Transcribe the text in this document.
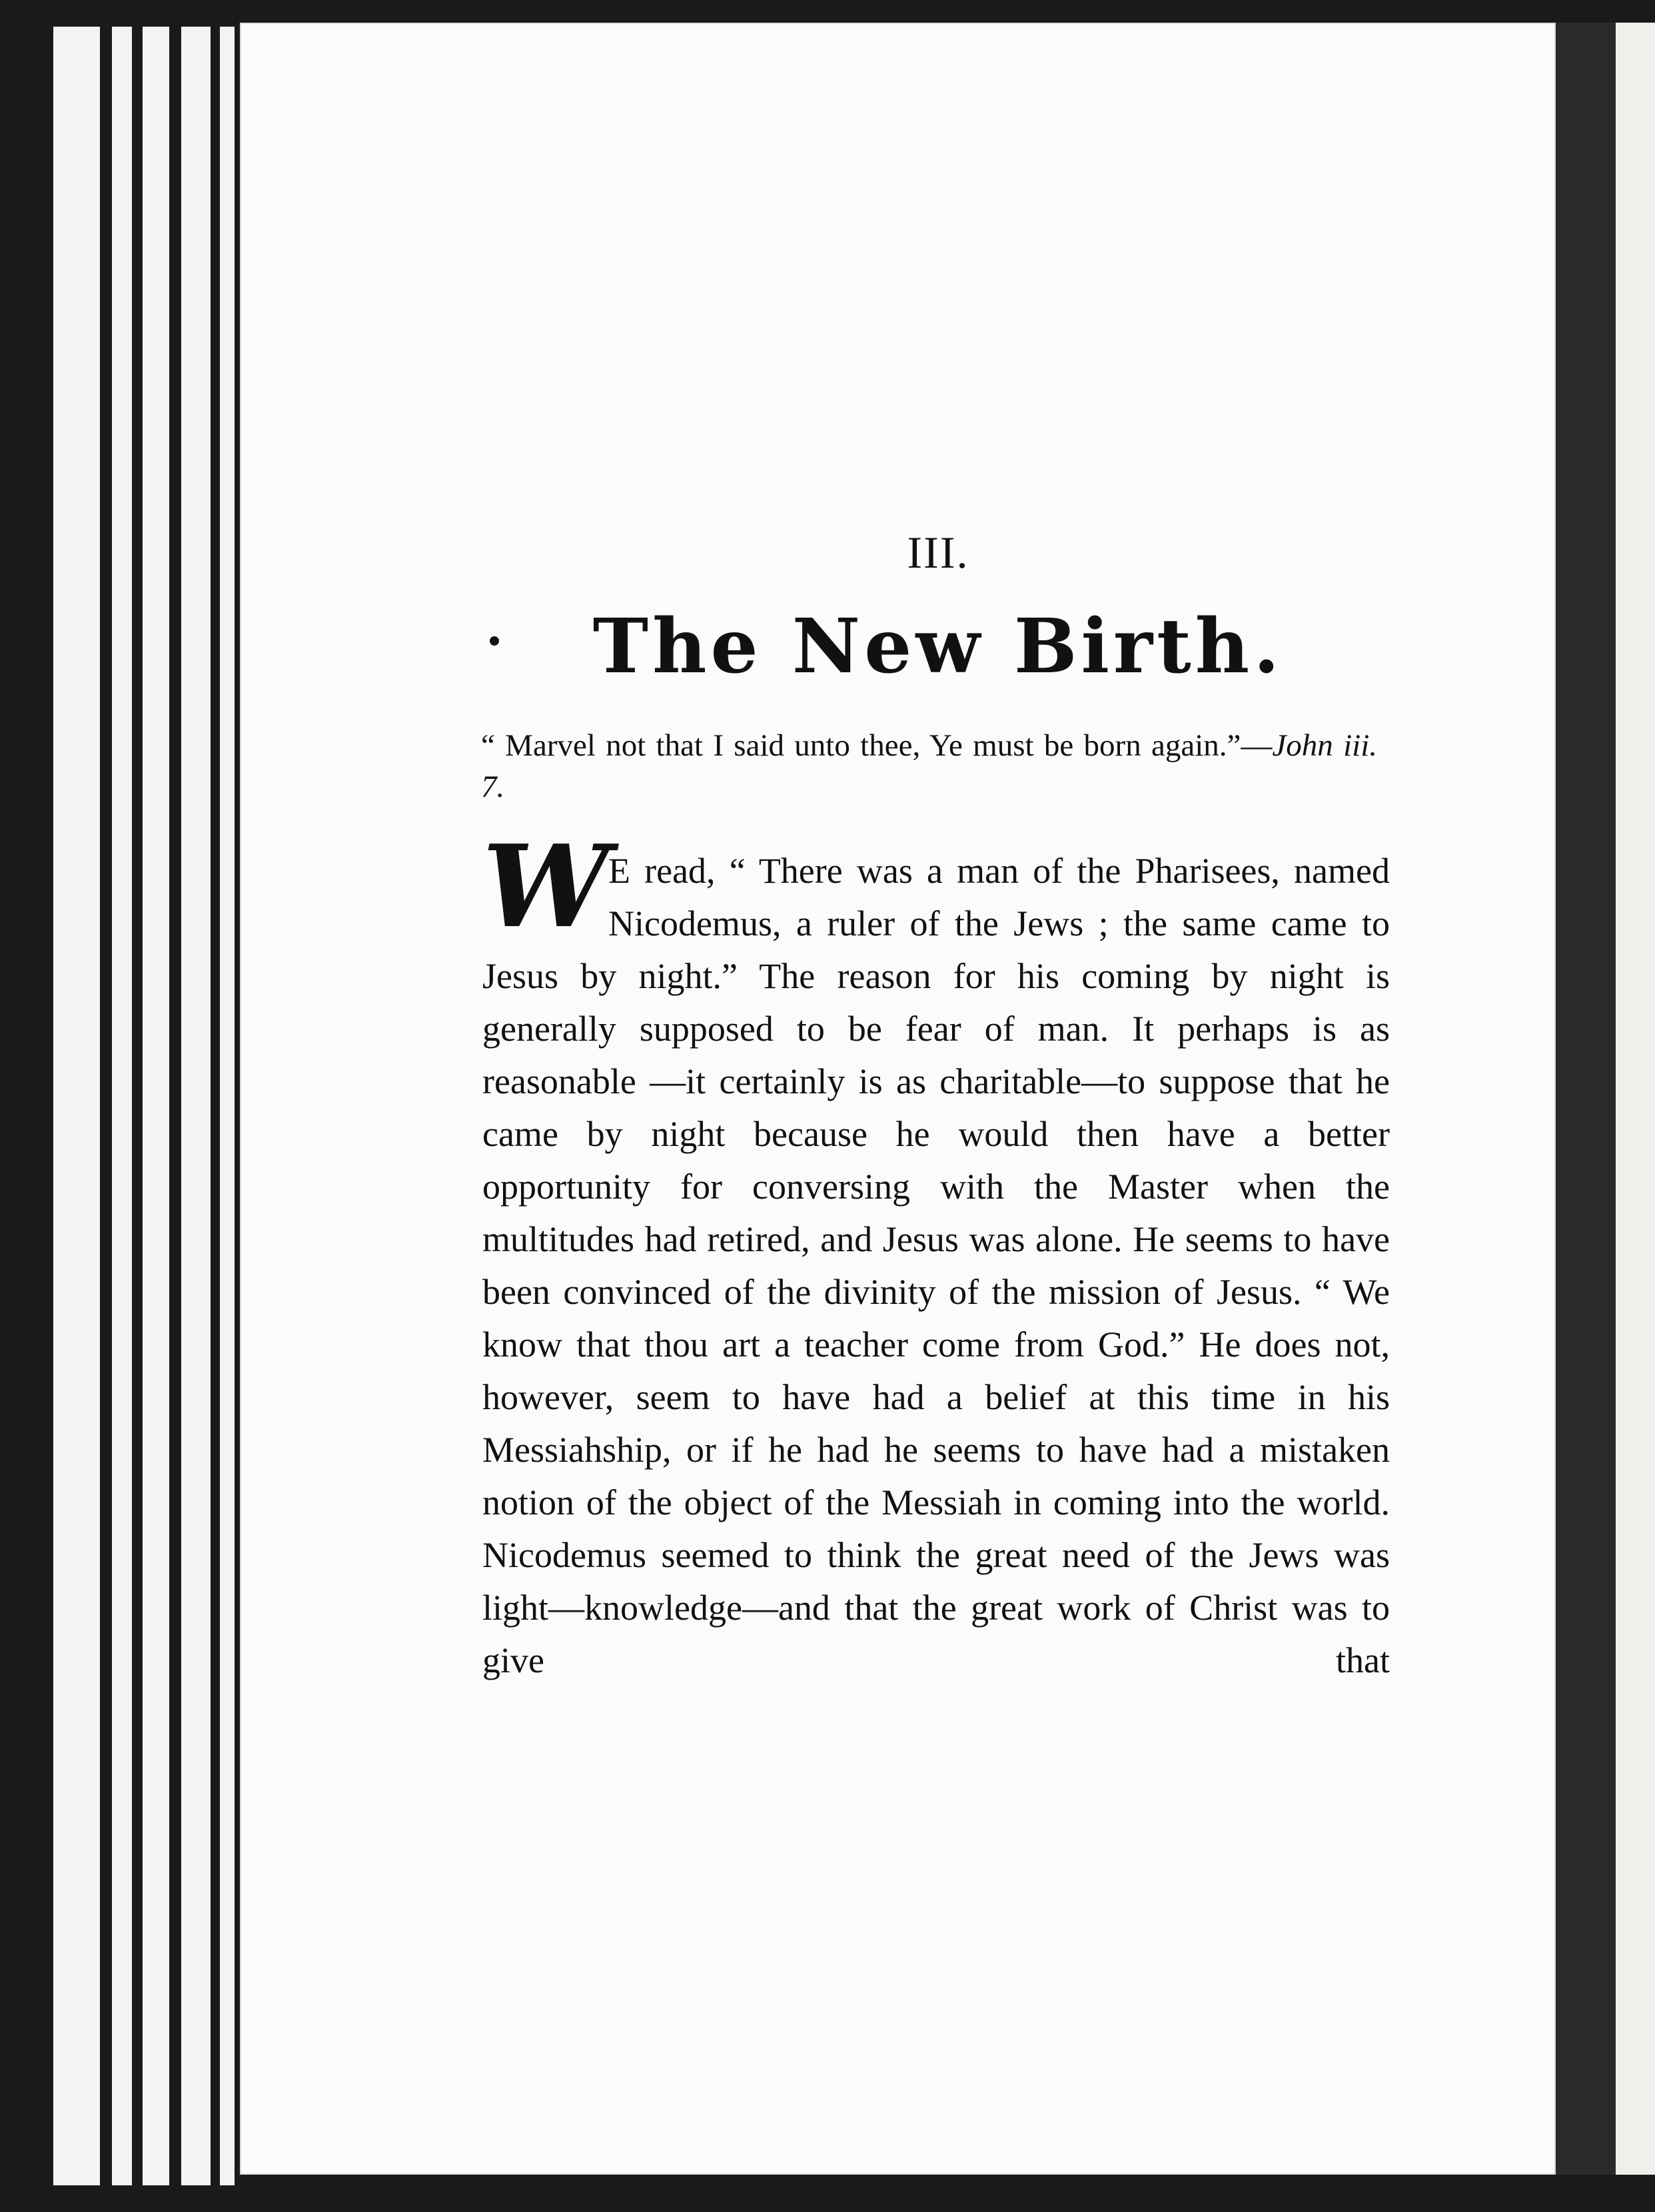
III.
The New Birth.

“ Marvel not that I said unto thee, Ye must be born again.”—John iii. 7.

W
E read, “ There was a man of the Pharisees, named Nicodemus, a ruler of the Jews ; the same came to Jesus by night.” The reason for his coming by night is generally supposed to be fear of man. It perhaps is as reasonable —it certainly is as charitable—to suppose that he came by night because he would then have a better opportunity for conversing with the Master when the multitudes had retired, and Jesus was alone. He seems to have been convinced of the divinity of the mission of Jesus. “ We know that thou art a teacher come from God.” He does not, however, seem to have had a belief at this time in his Messiahship, or if he had he seems to have had a mistaken notion of the object of the Messiah in coming into the world. Nicodemus seemed to think the great need of the Jews was light—knowledge—and that the great work of Christ was to give that
